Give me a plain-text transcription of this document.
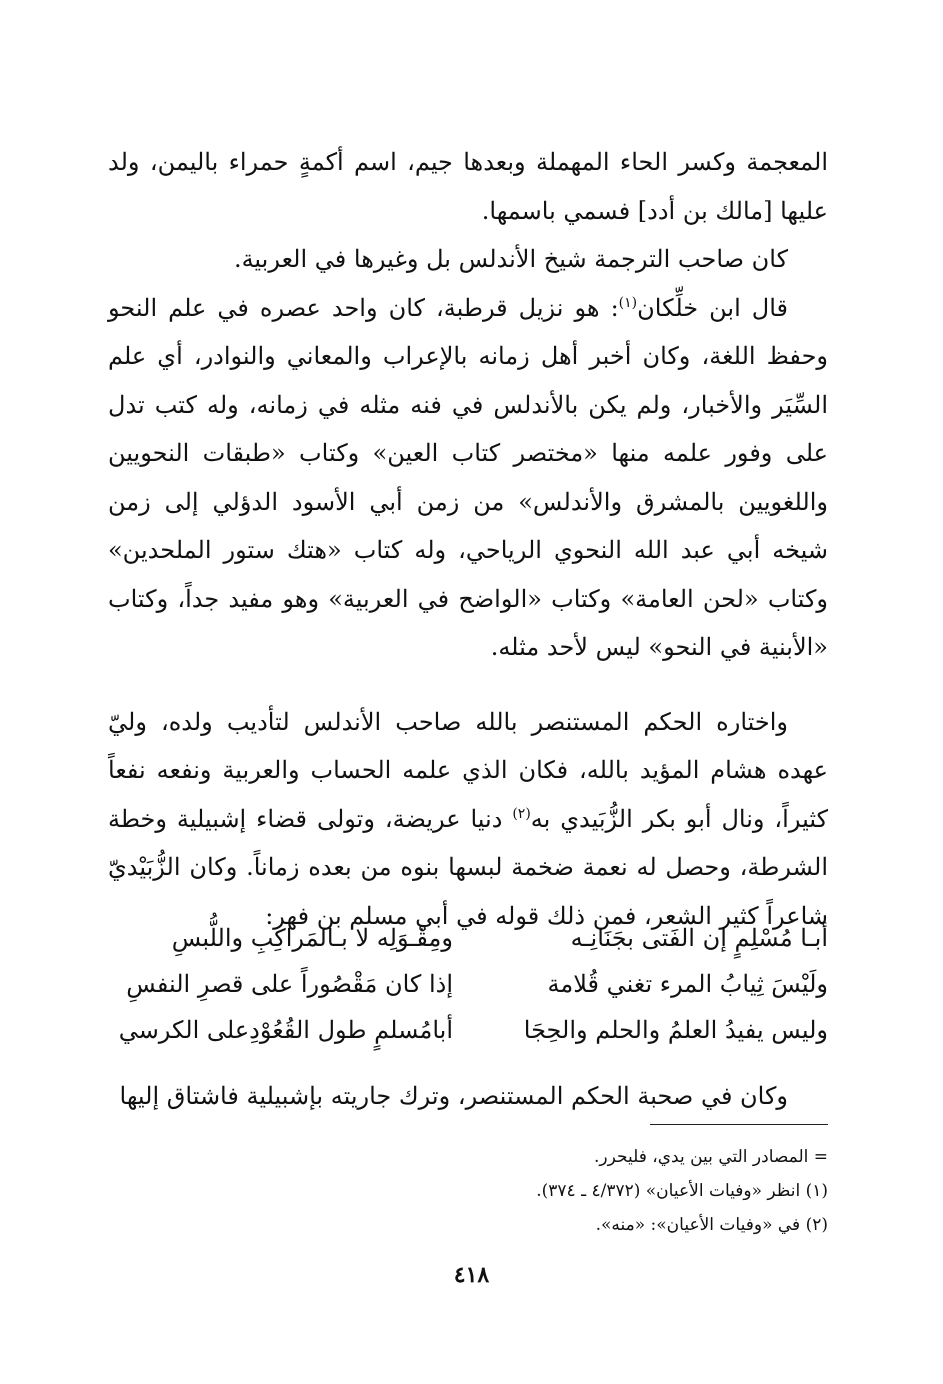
المعجمة وكسر الحاء المهملة وبعدها جيم، اسم أكمةٍ حمراء باليمن، ولد عليها [مالك بن أدد] فسمي باسمها.

كان صاحب الترجمة شيخ الأندلس بل وغيرها في العربية.

قال ابن خلِّكان$^{(١)}$: هو نزيل قرطبة، كان واحد عصره في علم النحو وحفظ اللغة، وكان أخبر أهل زمانه بالإعراب والمعاني والنوادر، أي علم السِّيَر والأخبار، ولم يكن بالأندلس في فنه مثله في زمانه، وله كتب تدل على وفور علمه منها «مختصر كتاب العين» وكتاب «طبقات النحويين واللغويين بالمشرق والأندلس» من زمن أبي الأسود الدؤلي إلى زمن شيخه أبي عبد الله النحوي الرياحي، وله كتاب «هتك ستور الملحدين» وكتاب «لحن العامة» وكتاب «الواضح في العربية» وهو مفيد جداً، وكتاب «الأبنية في النحو» ليس لأحد مثله.

واختاره الحكم المستنصر بالله صاحب الأندلس لتأديب ولده، وليّ عهده هشام المؤيد بالله، فكان الذي علمه الحساب والعربية ونفعه نفعاً كثيراً، ونال أبو بكر الزُّبَيدي به$^{(٢)}$ دنيا عريضة، وتولى قضاء إشبيلية وخطة الشرطة، وحصل له نعمة ضخمة لبسها بنوه من بعده زماناً. وكان الزُّبَيْديّ شاعراً كثير الشعر، فمن ذلك قوله في أبي مسلم بن فهر:

أبـا مُسْلِمٍ إن الفَتى بجَنَانِـه
ومِقْـوَلِه لا بـالمَراكِبِ واللُّبسِ
ولَيْسَ ثِيابُ المرء تغني قُلامة
إذا كان مَقْصُوراً على قصرِ النفسِ
وليس يفيدُ العلمُ والحلم والحِجَا
أبامُسلمٍ طول القُعُوْدِعلى الكرسي
وكان في صحبة الحكم المستنصر، وترك جاريته بإشبيلية فاشتاق إليها
= المصادر التي بين يدي، فليحرر.
(١) انظر «وفيات الأعيان» (٤/٣٧٢ ـ ٣٧٤).
(٢) في «وفيات الأعيان»: «منه».
٤١٨
